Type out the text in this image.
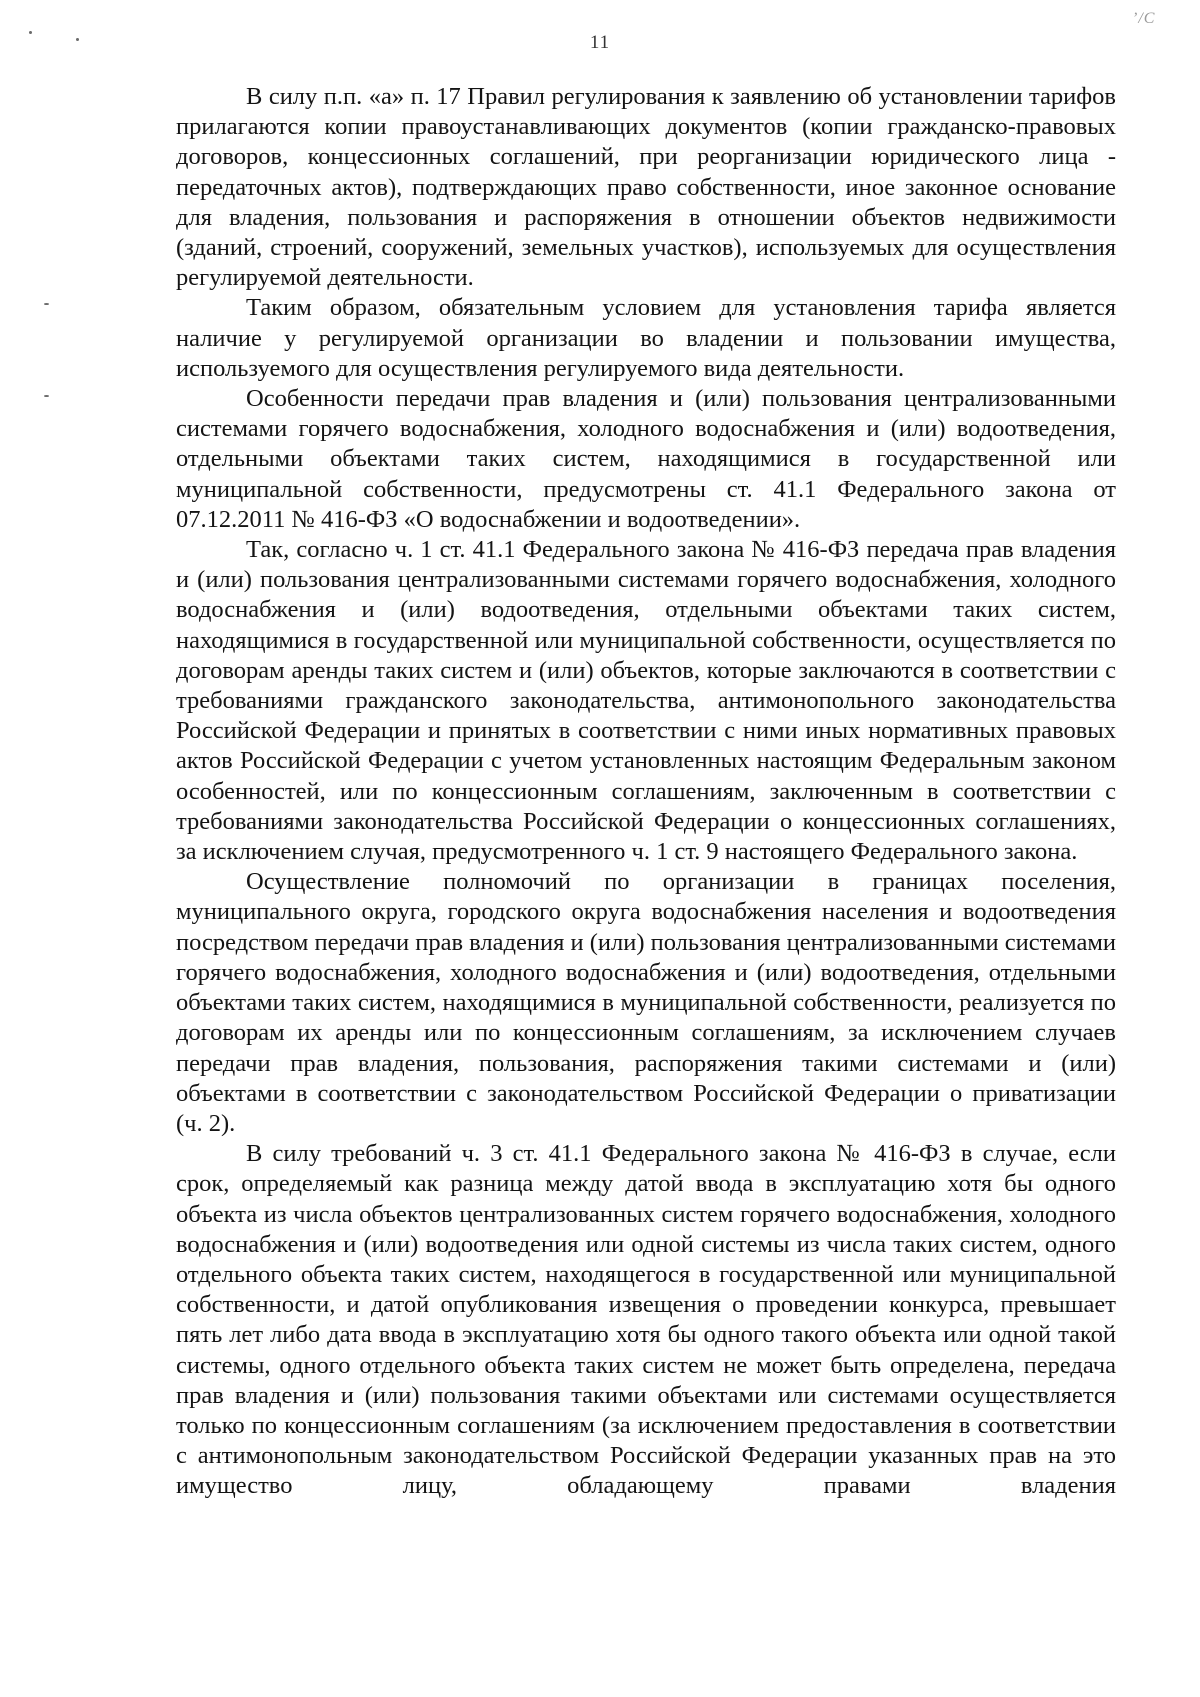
11
’/С

В силу п.п. «а» п. 17 Правил регулирования к заявлению об установлении тарифов прилагаются копии правоустанавливающих документов (копии гражданско-правовых договоров, концессионных соглашений, при реорганизации юридического лица - передаточных актов), подтверждающих право собственности, иное законное основание для владения, пользования и распоряжения в отношении объектов недвижимости (зданий, строений, сооружений, земельных участков), используемых для осуществления регулируемой деятельности.

Таким образом, обязательным условием для установления тарифа является наличие у регулируемой организации во владении и пользовании имущества, используемого для осуществления регулируемого вида деятельности.

Особенности передачи прав владения и (или) пользования централизованными системами горячего водоснабжения, холодного водоснабжения и (или) водоотведения, отдельными объектами таких систем, находящимися в государственной или муниципальной собственности, предусмотрены ст. 41.1 Федерального закона от 07.12.2011 № 416-ФЗ «О водоснабжении и водоотведении».

Так, согласно ч. 1 ст. 41.1 Федерального закона № 416-ФЗ передача прав владения и (или) пользования централизованными системами горячего водоснабжения, холодного водоснабжения и (или) водоотведения, отдельными объектами таких систем, находящимися в государственной или муниципальной собственности, осуществляется по договорам аренды таких систем и (или) объектов, которые заключаются в соответствии с требованиями гражданского законодательства, антимонопольного законодательства Российской Федерации и принятых в соответствии с ними иных нормативных правовых актов Российской Федерации с учетом установленных настоящим Федеральным законом особенностей, или по концессионным соглашениям, заключенным в соответствии с требованиями законодательства Российской Федерации о концессионных соглашениях, за исключением случая, предусмотренного ч. 1 ст. 9 настоящего Федерального закона.

Осуществление полномочий по организации в границах поселения, муниципального округа, городского округа водоснабжения населения и водоотведения посредством передачи прав владения и (или) пользования централизованными системами горячего водоснабжения, холодного водоснабжения и (или) водоотведения, отдельными объектами таких систем, находящимися в муниципальной собственности, реализуется по договорам их аренды или по концессионным соглашениям, за исключением случаев передачи прав владения, пользования, распоряжения такими системами и (или) объектами в соответствии с законодательством Российской Федерации о приватизации (ч. 2).

В силу требований ч. 3 ст. 41.1 Федерального закона № 416-ФЗ в случае, если срок, определяемый как разница между датой ввода в эксплуатацию хотя бы одного объекта из числа объектов централизованных систем горячего водоснабжения, холодного водоснабжения и (или) водоотведения или одной системы из числа таких систем, одного отдельного объекта таких систем, находящегося в государственной или муниципальной собственности, и датой опубликования извещения о проведении конкурса, превышает пять лет либо дата ввода в эксплуатацию хотя бы одного такого объекта или одной такой системы, одного отдельного объекта таких систем не может быть определена, передача прав владения и (или) пользования такими объектами или системами осуществляется только по концессионным соглашениям (за исключением предоставления в соответствии с антимонопольным законодательством Российской Федерации указанных прав на это имущество лицу, обладающему правами владения
